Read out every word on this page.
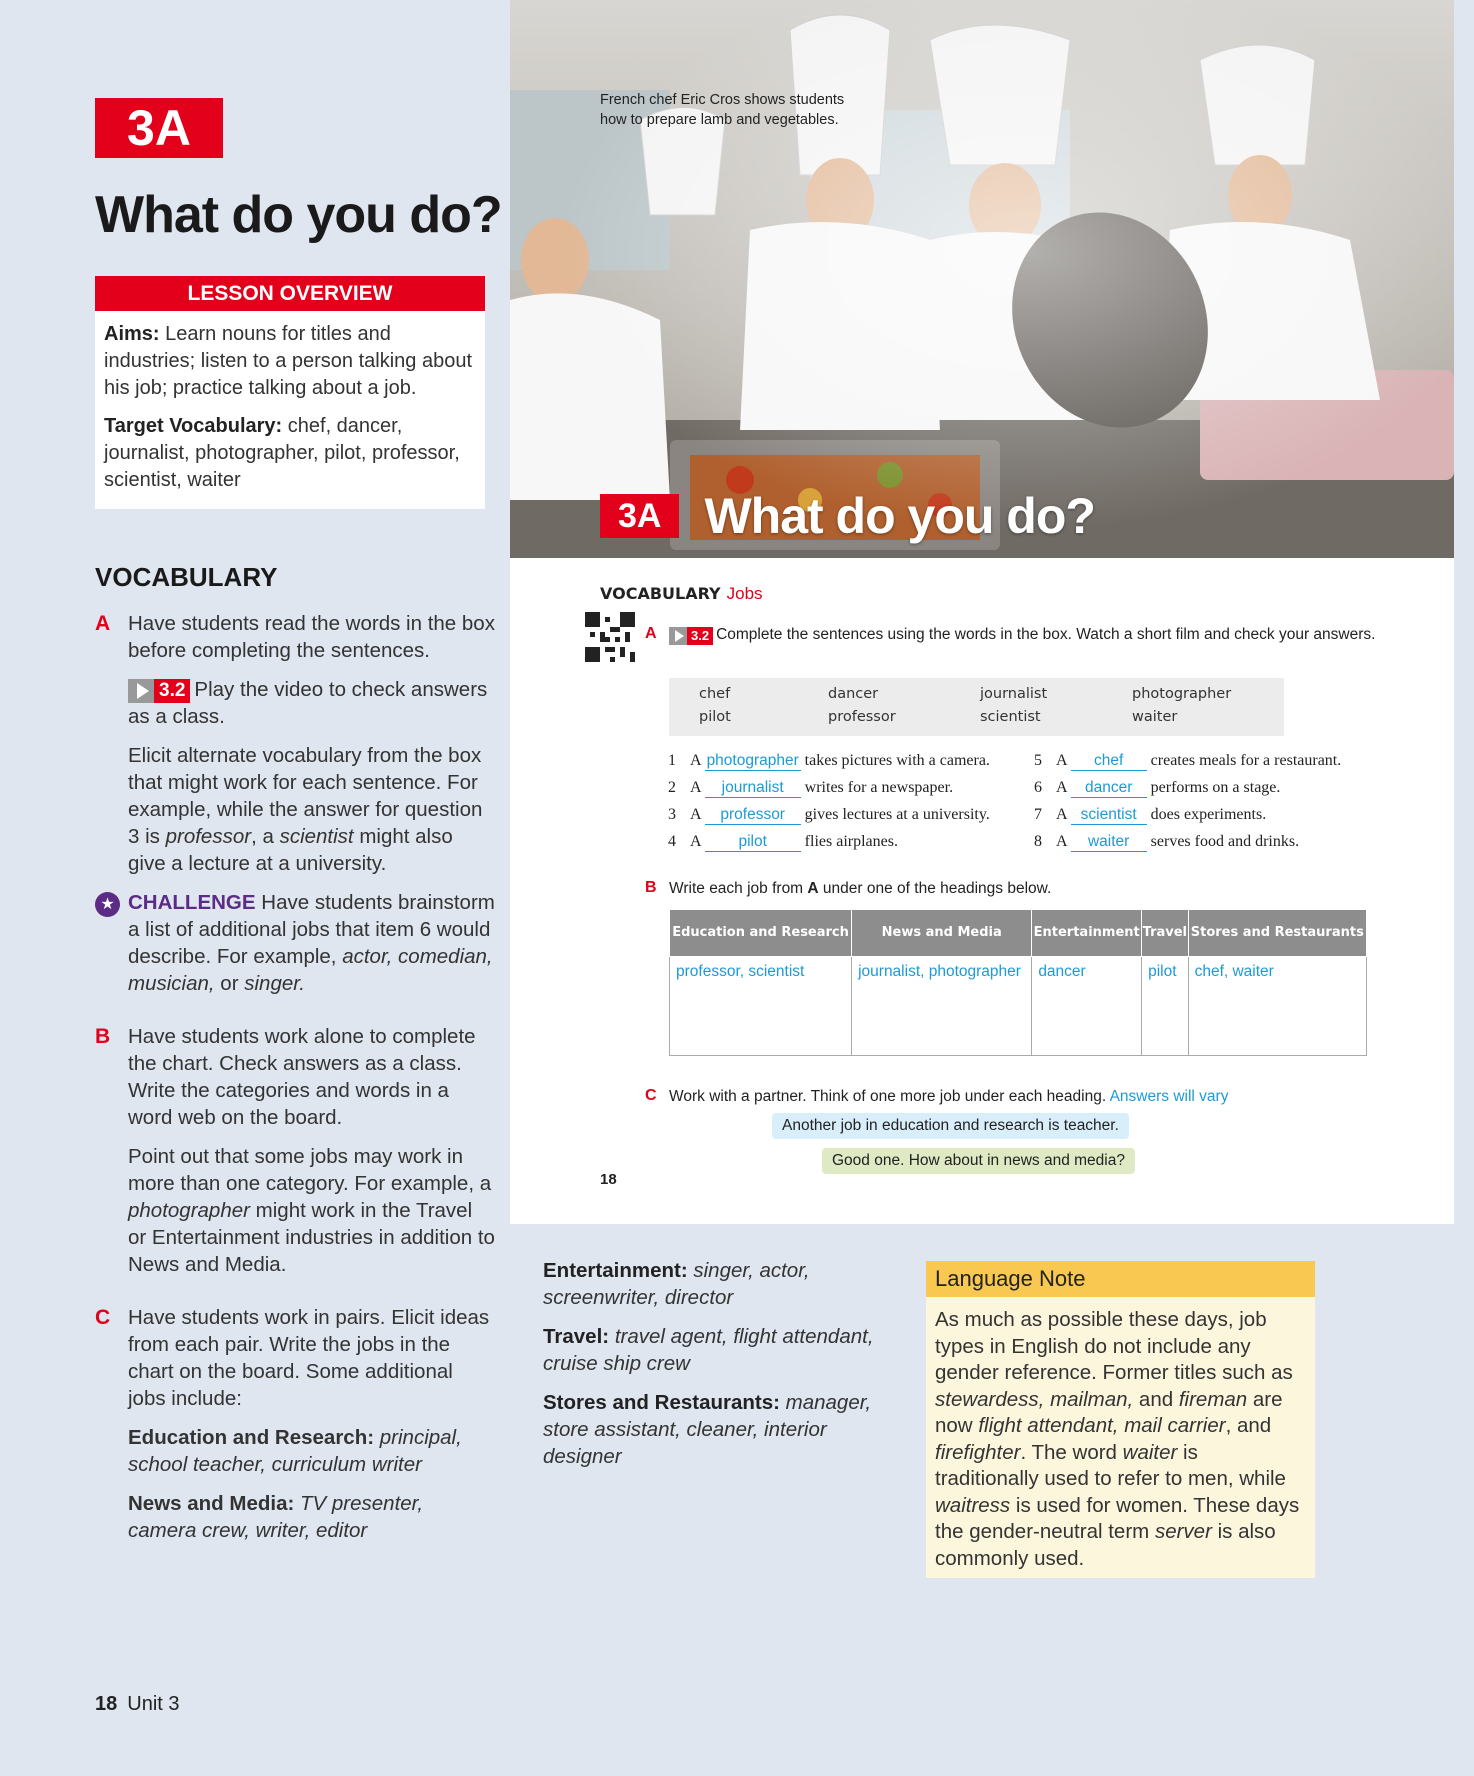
3A
What do you do?
LESSON OVERVIEW

Aims: Learn nouns for titles and industries; listen to a person talking about his job; practice talking about a job.

Target Vocabulary: chef, dancer, journalist, photographer, pilot, professor, scientist, waiter

VOCABULARY
A Have students read the words in the box before completing the sentences.

3.2 Play the video to check answers as a class.

Elicit alternate vocabulary from the box that might work for each sentence. For example, while the answer for question 3 is professor, a scientist might also give a lecture at a university.

★ CHALLENGE Have students brainstorm a list of additional jobs that item 6 would describe. For example, actor, comedian, musician, or singer.
B Have students work alone to complete the chart. Check answers as a class. Write the categories and words in a word web on the board.

Point out that some jobs may work in more than one category. For example, a photographer might work in the Travel or Entertainment industries in addition to News and Media.

C Have students work in pairs. Elicit ideas from each pair. Write the jobs in the chart on the board. Some additional jobs include:

Education and Research: principal, school teacher, curriculum writer

News and Media: TV presenter, camera crew, writer, editor

18 Unit 3
French chef Eric Cros shows students how to prepare lamb and vegetables.
3A What do you do?
VOCABULARY Jobs
A	3.2 Complete the sentences using the words in the box. Watch a short film and check your answers.
chef	dancer	journalist	photographer
pilot	professor	scientist	waiter
1 A photographer takes pictures with a camera.
2 A journalist writes for a newspaper.
3 A professor gives lectures at a university.
4 A pilot flies airplanes.
5 A chef creates meals for a restaurant.
6 A dancer performs on a stage.
7 A scientist does experiments.
8 A waiter serves food and drinks.
B Write each job from A under one of the headings below.
Education and Research	News and Media	Entertainment	Travel	Stores and Restaurants
professor, scientist	journalist, photographer	dancer	pilot	chef, waiter
C Work with a partner. Think of one more job under each heading. Answers will vary
Another job in education and research is teacher.
Good one. How about in news and media?
18

Entertainment: singer, actor, screenwriter, director

Travel: travel agent, flight attendant, cruise ship crew

Stores and Restaurants: manager, store assistant, cleaner, interior designer

Language Note
As much as possible these days, job types in English do not include any gender reference. Former titles such as stewardess, mailman, and fireman are now flight attendant, mail carrier, and firefighter. The word waiter is traditionally used to refer to men, while waitress is used for women. These days the gender-neutral term server is also commonly used.
